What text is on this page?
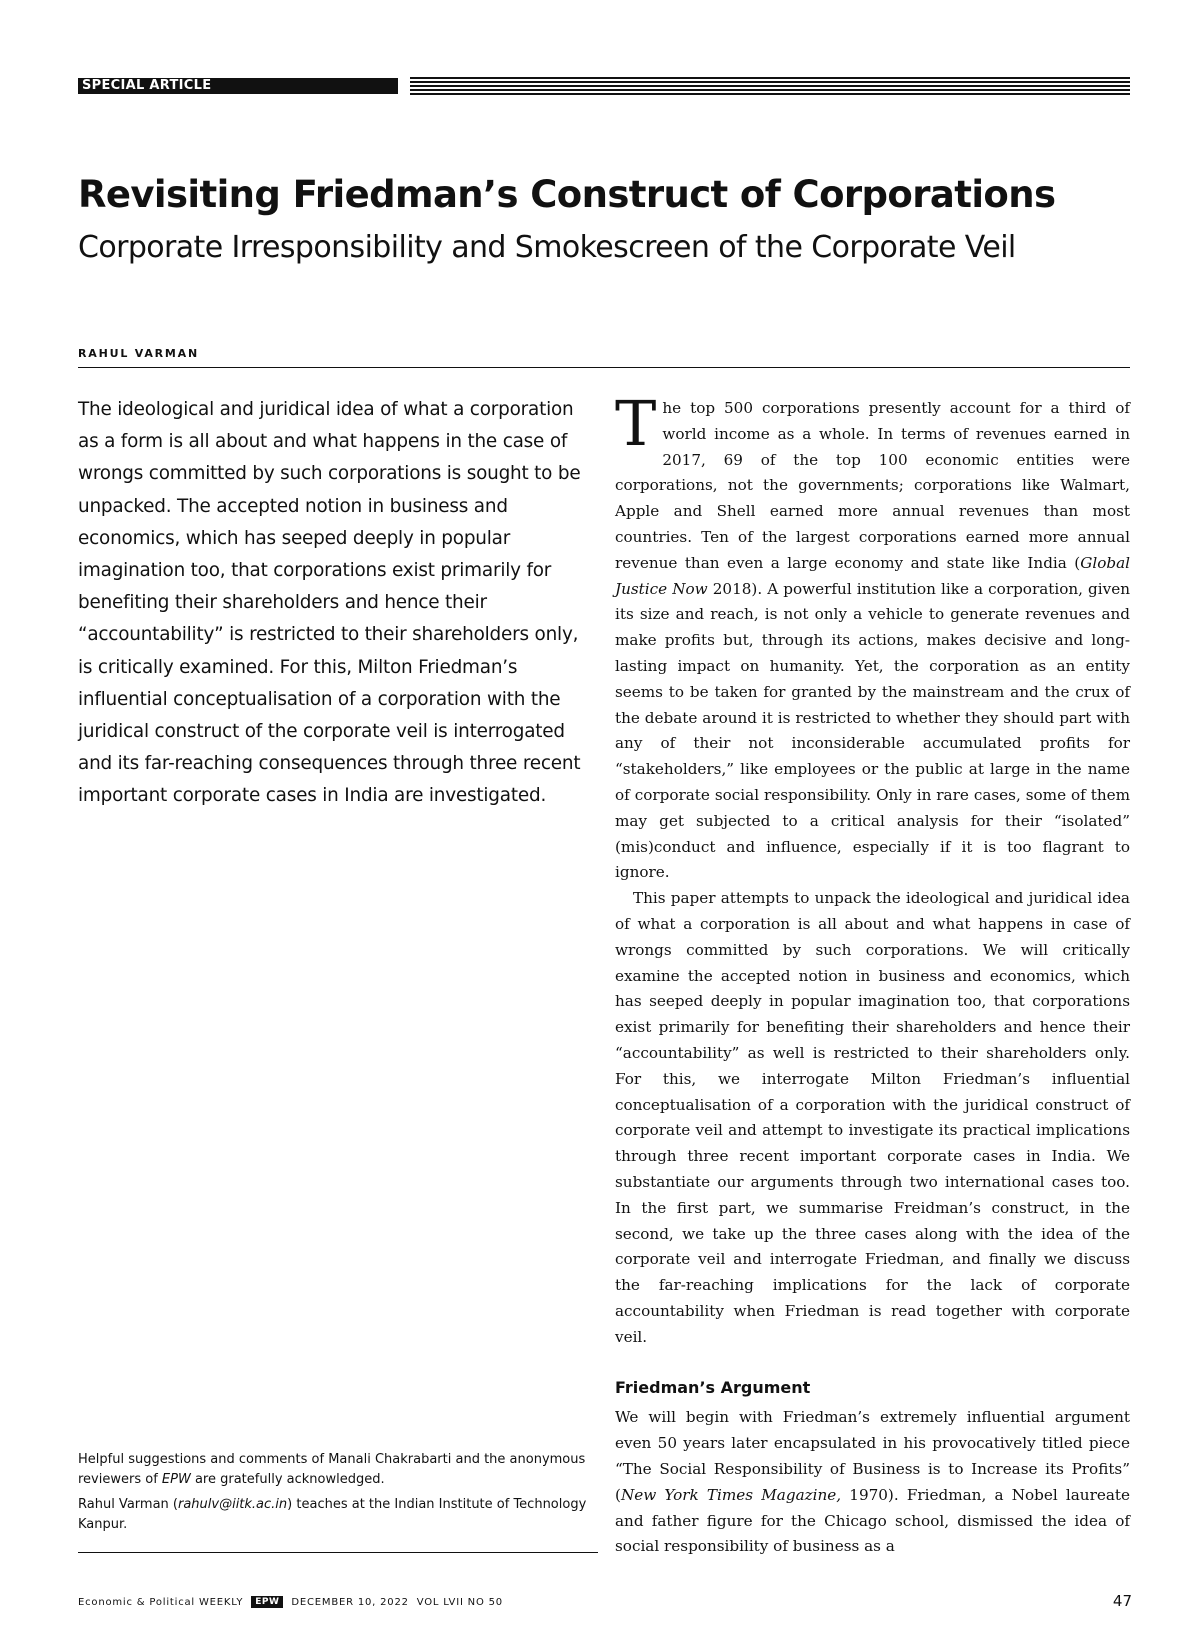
SPECIAL ARTICLE
Revisiting Friedman’s Construct of Corporations
Corporate Irresponsibility and Smokescreen of the Corporate Veil
RAHUL VARMAN
The ideological and juridical idea of what a corporation as a form is all about and what happens in the case of wrongs committed by such corporations is sought to be unpacked. The accepted notion in business and economics, which has seeped deeply in popular imagination too, that corporations exist primarily for benefiting their shareholders and hence their “accountability” is restricted to their shareholders only, is critically examined. For this, Milton Friedman’s influential conceptualisation of a corporation with the juridical construct of the corporate veil is interrogated and its far-reaching consequences through three recent important corporate cases in India are investigated.

The top 500 corporations presently account for a third of world income as a whole. In terms of revenues earned in 2017, 69 of the top 100 economic entities were corporations, not the governments; corporations like Walmart, Apple and Shell earned more annual revenues than most countries. Ten of the largest corporations earned more annual revenue than even a large economy and state like India (Global Justice Now 2018). A powerful institution like a corporation, given its size and reach, is not only a vehicle to generate revenues and make profits but, through its actions, makes decisive and long-lasting impact on humanity. Yet, the corporation as an entity seems to be taken for granted by the mainstream and the crux of the debate around it is restricted to whether they should part with any of their not inconsiderable accumulated profits for “stakeholders,” like employees or the public at large in the name of corporate social responsibility. Only in rare cases, some of them may get subjected to a critical analysis for their “isolated” (mis)conduct and influence, especially if it is too flagrant to ignore.

This paper attempts to unpack the ideological and juridical idea of what a corporation is all about and what happens in case of wrongs committed by such corporations. We will critically examine the accepted notion in business and economics, which has seeped deeply in popular imagination too, that corporations exist primarily for benefiting their shareholders and hence their “accountability” as well is restricted to their shareholders only. For this, we interrogate Milton Friedman’s influential conceptualisation of a corporation with the juridical construct of corporate veil and attempt to investigate its practical implications through three recent important corporate cases in India. We substantiate our arguments through two international cases too. In the first part, we summarise Freidman’s construct, in the second, we take up the three cases along with the idea of the corporate veil and interrogate Friedman, and finally we discuss the far-reaching implications for the lack of corporate accountability when Friedman is read together with corporate veil.

Friedman’s Argument

We will begin with Friedman’s extremely influential argument even 50 years later encapsulated in his provocatively titled piece “The Social Responsibility of Business is to Increase its Profits” (New York Times Magazine, 1970). Friedman, a Nobel laureate and father figure for the Chicago school, dismissed the idea of social responsibility of business as a

Helpful suggestions and comments of Manali Chakrabarti and the anonymous reviewers of EPW are gratefully acknowledged.

Rahul Varman (rahulv@iitk.ac.in) teaches at the Indian Institute of Technology Kanpur.

Economic & Political WEEKLY	EPW	DECEMBER 10, 2022 VOL LVII NO 50	47
